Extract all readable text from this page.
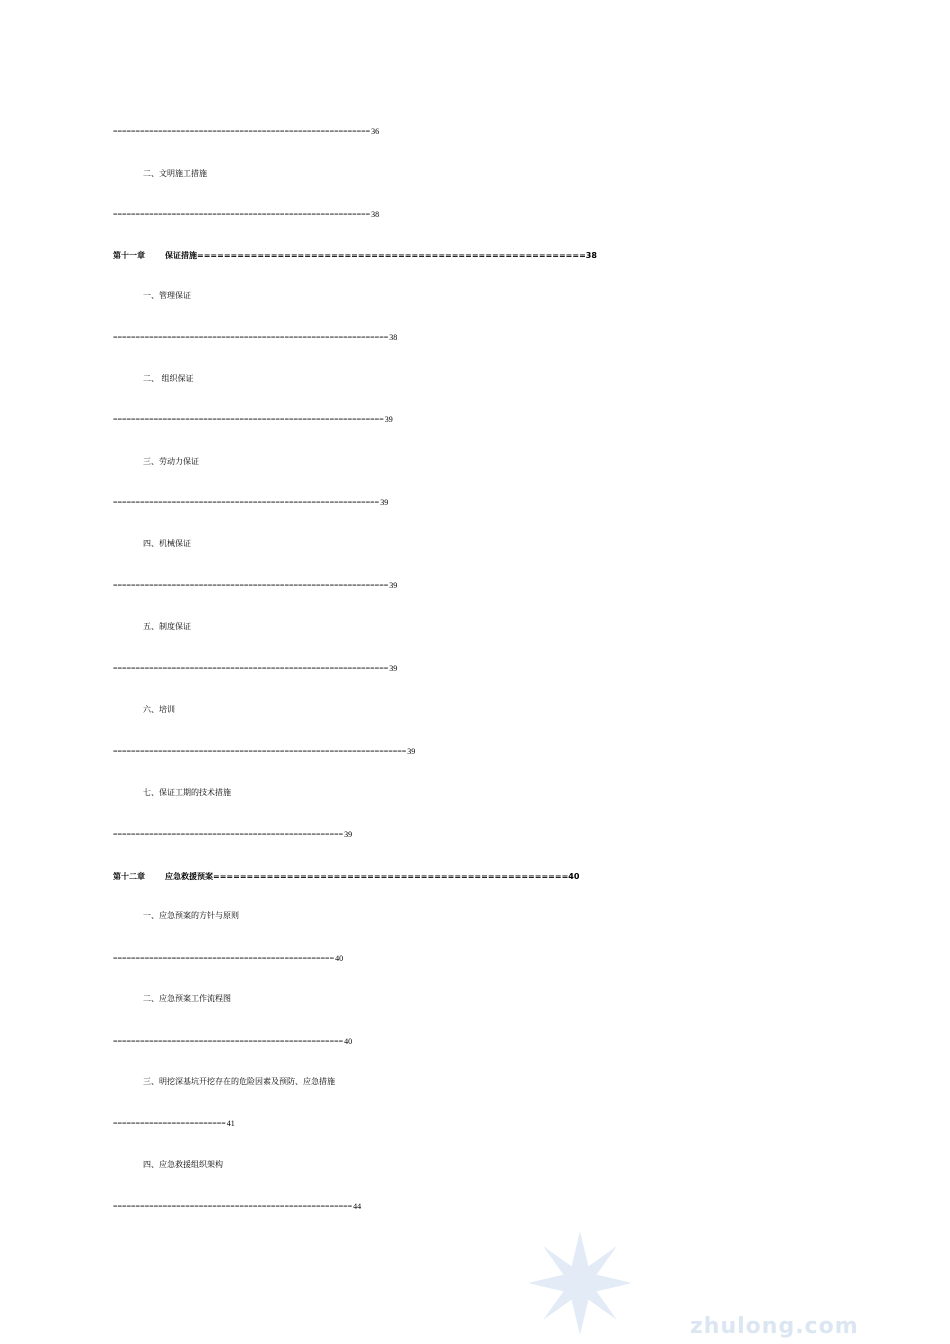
=========================================================36
二、文明施工措施
=========================================================38
第十一章	保证措施==========================================================38
一、管理保证
=============================================================38
二、 组织保证
============================================================39
三、劳动力保证
===========================================================39
四、机械保证
=============================================================39
五、制度保证
=============================================================39
六、培训
=================================================================39
七、保证工期的技术措施
===================================================39
第十二章	应急救援预案=====================================================40
一、应急预案的方针与原则
=================================================40
二、应急预案工作流程图
===================================================40
三、明挖深基坑开挖存在的危险因素及预防、应急措施
=========================41
四、应急救援组织架构
=====================================================44
zhulong.com
